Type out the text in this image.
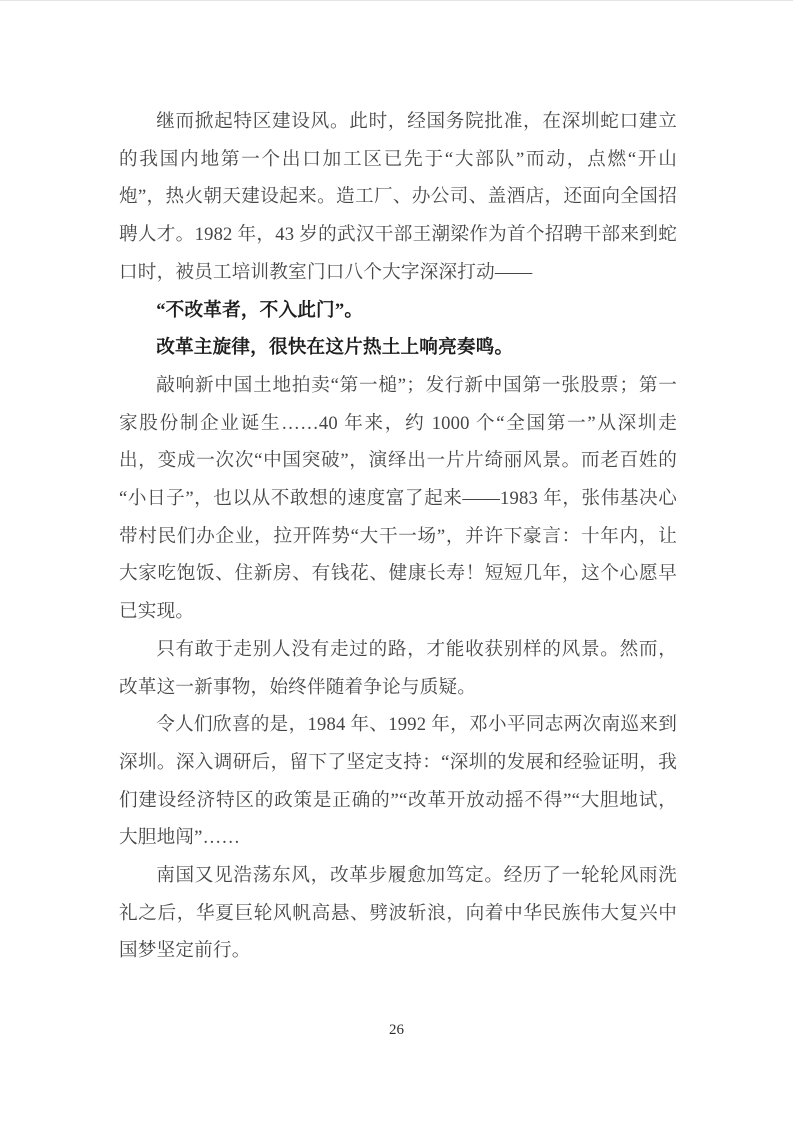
继而掀起特区建设风。此时，经国务院批准，在深圳蛇口建立的我国内地第一个出口加工区已先于“大部队”而动，点燃“开山炮”，热火朝天建设起来。造工厂、办公司、盖酒店，还面向全国招聘人才。1982 年，43 岁的武汉干部王潮梁作为首个招聘干部来到蛇口时，被员工培训教室门口八个大字深深打动——

“不改革者，不入此门”。

改革主旋律，很快在这片热土上响亮奏鸣。

敲响新中国土地拍卖“第一槌”；发行新中国第一张股票；第一家股份制企业诞生……40 年来，约 1000 个“全国第一”从深圳走出，变成一次次“中国突破”，演绎出一片片绮丽风景。而老百姓的“小日子”，也以从不敢想的速度富了起来——1983 年，张伟基决心带村民们办企业，拉开阵势“大干一场”，并许下豪言：十年内，让大家吃饱饭、住新房、有钱花、健康长寿！短短几年，这个心愿早已实现。

只有敢于走别人没有走过的路，才能收获别样的风景。然而，改革这一新事物，始终伴随着争论与质疑。

令人们欣喜的是，1984 年、1992 年，邓小平同志两次南巡来到深圳。深入调研后，留下了坚定支持：“深圳的发展和经验证明，我们建设经济特区的政策是正确的”“改革开放动摇不得”“大胆地试，大胆地闯”……

南国又见浩荡东风，改革步履愈加笃定。经历了一轮轮风雨洗礼之后，华夏巨轮风帆高悬、劈波斩浪，向着中华民族伟大复兴中国梦坚定前行。

26
